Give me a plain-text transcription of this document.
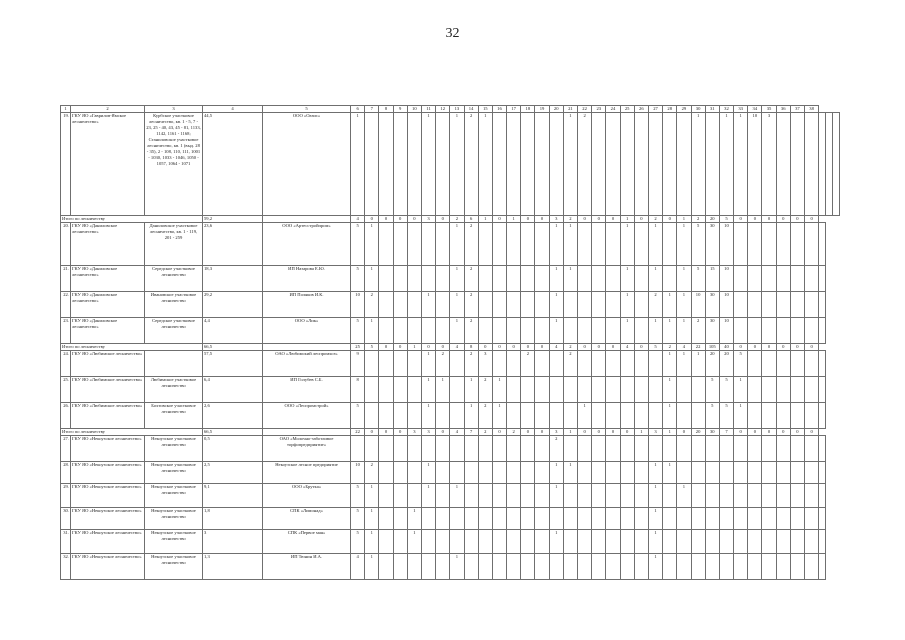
32
1	2	3	4	5	6	7	8	9	10	11	12	13	14	15	16	17	18	19	20	21	22	23	24	25	26	27	28	29	30	31	32	33	34	35	36	37	38			
19.	ГКУ ЯО «Гаврилов-Ямское лесничество»	Курбское участковое лесничество, кв. 1 - 5, 7 - 23, 25 - 40, 43, 45 - 81, 1133, 1142, 1161 - 1168; Станиловское участковое лесничество, кв. 1 (выд. 28 - 35), 2 - 108, 110, 111, 1001 - 1030, 1033 - 1046, 1050 - 1057, 1064 - 1071	44,5	ООО «Оазис»	1					1		1	2	1						1	2								1		1	1	10	3						
Итого по лесничеству			59,2		4	0	0	0	0	3	0	2	6	1	0	1	0	0	3	2	0	0	0	1	0	2	0	1	2	20	5	0	0	0	0	0	0			
20.	ГКУ ЯО «Даниловское лесничество»	Даниловское участковое лесничество, кв. 1 - 119, 201 - 259	23,6	ООО «Артесстройпром»	5	1						1	2						1	1				1		1		1	5	30	10									
21.	ГКУ ЯО «Даниловское лесничество»	Середское участковое лесничество	18,3	ИП Назарова Е.Ю.	5	1						1	2						1	1				1		1		1	5	15	10									
22.	ГКУ ЯО «Даниловское лесничество»	Ивановское участковое лесничество	29,2	ИП Поляков И.К.	10	2				1		1	2						1					1		2	1	1	10	30	10									
23.	ГКУ ЯО «Даниловское лесничество»	Середское участковое лесничество	4,4	ООО «Лик»	5	1						1	2						1					1		1	1	1	2	30	10									
Итого по лесничеству			66,5		25	5	0	0	1	0	0	4	8	0	0	0	0	0	4	2	0	0	0	4	0	5	2	4	22	105	40	0	0	0	0	0	0			
24.	ГКУ ЯО «Любимское лесничество»		57,5	ОАО «Любимский леспромхоз»	9					1	2		2	3			2			2							1	1	1	20	20	5								
25.	ГКУ ЯО «Любимское лесничество»	Любимское участковое лесничество	6,4	ИП Голубев С.Б.	8					1	1		1	2	1												1			5	5	1								
26.	ГКУ ЯО «Любимское лесничество»	Бохтовское участковое лесничество	2,6	ООО «Леспромстрой»	5					1			1	2	1						1						1			5	5	1								
Итого по лесничеству			66,5		22	0	0	0	3	3	0	4	7	2	0	2	0	0	3	1	0	0	0	0	1	3	1	0	20	30	7	0	0	0	0	0	0			
27.	ГКУ ЯО «Некоузское лесничество»	Некоузское участковое лесничество	0,5	ОАО «Молочно-заботливое торфопредприятие»															2																					
28.	ГКУ ЯО «Некоузское лесничество»	Некоузское участковое лесничество	2,5	Некоузское лесное предприятие	10	2				1									1	1						1	1													
29.	ГКУ ЯО «Некоузское лесничество»	Некоузское участковое лесничество	9,1	ООО «Брутка»	5	1				1		1							1							1		1												
30.	ГКУ ЯО «Некоузское лесничество»	Некоузское участковое лесничество	1,8	СПК «Лимонад»	5	1			1																	1														
31.	ГКУ ЯО «Некоузское лесничество»	Некоузское участковое лесничество	3	СПК «Первое мая»	5	1			1										1							1														
32.	ГКУ ЯО «Некоузское лесничество»	Некоузское участковое лесничество	1,3	ИП Тюнин И.А.	4	1						1														1														
